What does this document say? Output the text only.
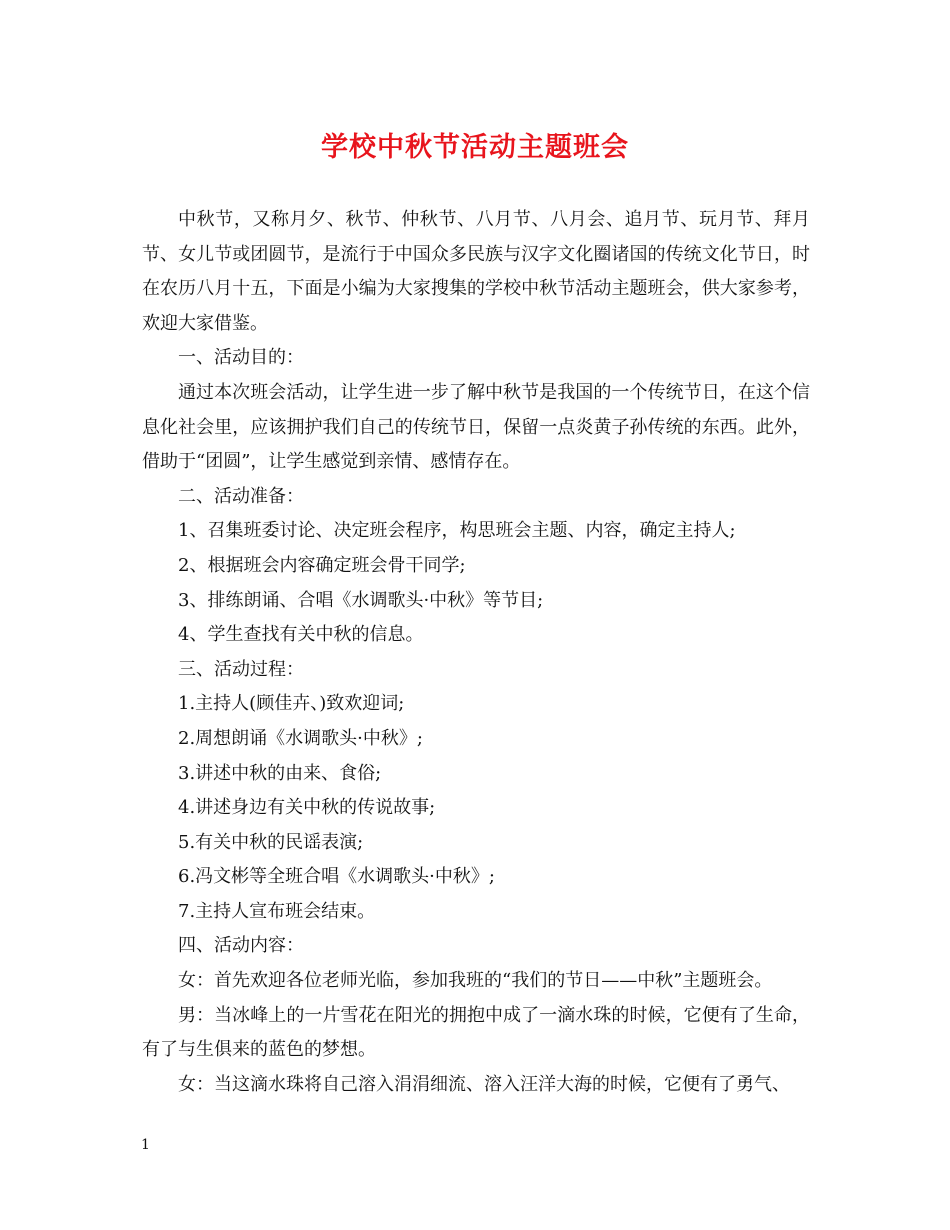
学校中秋节活动主题班会

中秋节，又称月夕、秋节、仲秋节、八月节、八月会、追月节、玩月节、拜月节、女儿节或团圆节，是流行于中国众多民族与汉字文化圈诸国的传统文化节日，时在农历八月十五，下面是小编为大家搜集的学校中秋节活动主题班会，供大家参考，欢迎大家借鉴。

一、活动目的：

通过本次班会活动，让学生进一步了解中秋节是我国的一个传统节日，在这个信息化社会里，应该拥护我们自己的传统节日，保留一点炎黄子孙传统的东西。此外，借助于“团圆”，让学生感觉到亲情、感情存在。

二、活动准备：

1、召集班委讨论、决定班会程序，构思班会主题、内容，确定主持人;

2、根据班会内容确定班会骨干同学;

3、排练朗诵、合唱《水调歌头·中秋》等节目;

4、学生查找有关中秋的信息。

三、活动过程：

1.主持人(顾佳卉、)致欢迎词;

2.周想朗诵《水调歌头·中秋》;

3.讲述中秋的由来、食俗;

4.讲述身边有关中秋的传说故事;

5.有关中秋的民谣表演;

6.冯文彬等全班合唱《水调歌头·中秋》;

7.主持人宣布班会结束。

四、活动内容：

女：首先欢迎各位老师光临，参加我班的“我们的节日——中秋”主题班会。

男：当冰峰上的一片雪花在阳光的拥抱中成了一滴水珠的时候，它便有了生命，有了与生俱来的蓝色的梦想。

女：当这滴水珠将自己溶入涓涓细流、溶入汪洋大海的时候，它便有了勇气、

1
